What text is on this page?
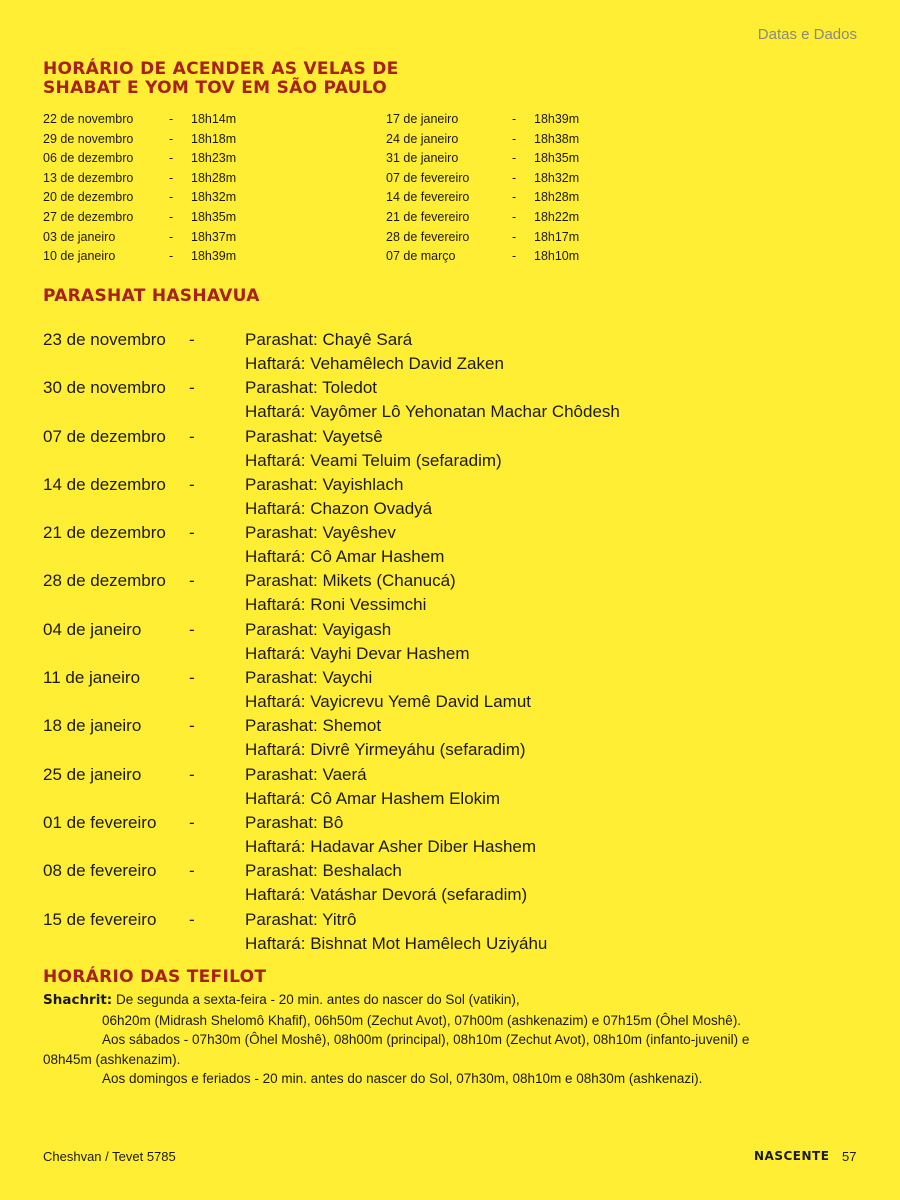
Datas e Dados
HORÁRIO DE ACENDER AS VELAS DE
SHABAT E YOM TOV EM SÃO PAULO
22 de novembro	- 18h14m
29 de novembro	- 18h18m
06 de dezembro	- 18h23m
13 de dezembro	- 18h28m
20 de dezembro	- 18h32m
27 de dezembro	- 18h35m
03 de janeiro	- 18h37m
10 de janeiro	- 18h39m
17 de janeiro	- 18h39m
24 de janeiro	- 18h38m
31 de janeiro	- 18h35m
07 de fevereiro	- 18h32m
14 de fevereiro	- 18h28m
21 de fevereiro	- 18h22m
28 de fevereiro	- 18h17m
07 de março	- 18h10m
PARASHAT HASHAVUA
23 de novembro -	Parashat: Chayê Sará
Haftará: Vehamêlech David Zaken
30 de novembro -	Parashat: Toledot
Haftará: Vayômer Lô Yehonatan Machar Chôdesh
07 de dezembro -	Parashat: Vayetsê
Haftará: Veami Teluim (sefaradim)
14 de dezembro -	Parashat: Vayishlach
Haftará: Chazon Ovadyá
21 de dezembro -	Parashat: Vayêshev
Haftará: Cô Amar Hashem
28 de dezembro -	Parashat: Mikets (Chanucá)
Haftará: Roni Vessimchi
04 de janeiro	-	Parashat: Vayigash
Haftará: Vayhi Devar Hashem
11 de janeiro	-	Parashat: Vaychi
Haftará: Vayicrevu Yemê David Lamut
18 de janeiro	-	Parashat: Shemot
Haftará: Divrê Yirmeyáhu (sefaradim)
25 de janeiro	-	Parashat: Vaerá
Haftará: Cô Amar Hashem Elokim
01 de fevereiro -	Parashat: Bô
Haftará: Hadavar Asher Diber Hashem
08 de fevereiro -	Parashat: Beshalach
Haftará: Vatáshar Devorá (sefaradim)
15 de fevereiro -	Parashat: Yitrô
Haftará: Bishnat Mot Hamêlech Uziyáhu
HORÁRIO DAS TEFILOT
Shachrit: De segunda a sexta-feira - 20 min. antes do nascer do Sol (vatikin),
06h20m (Midrash Shelomô Khafif), 06h50m (Zechut Avot), 07h00m (ashkenazim) e 07h15m (Ôhel Moshê).
Aos sábados - 07h30m (Ôhel Moshê), 08h00m (principal), 08h10m (Zechut Avot), 08h10m (infanto-juvenil) e
08h45m (ashkenazim).
Aos domingos e feriados - 20 min. antes do nascer do Sol, 07h30m, 08h10m e 08h30m (ashkenazi).
Cheshvan / Tevet 5785	NASCENTE 57
